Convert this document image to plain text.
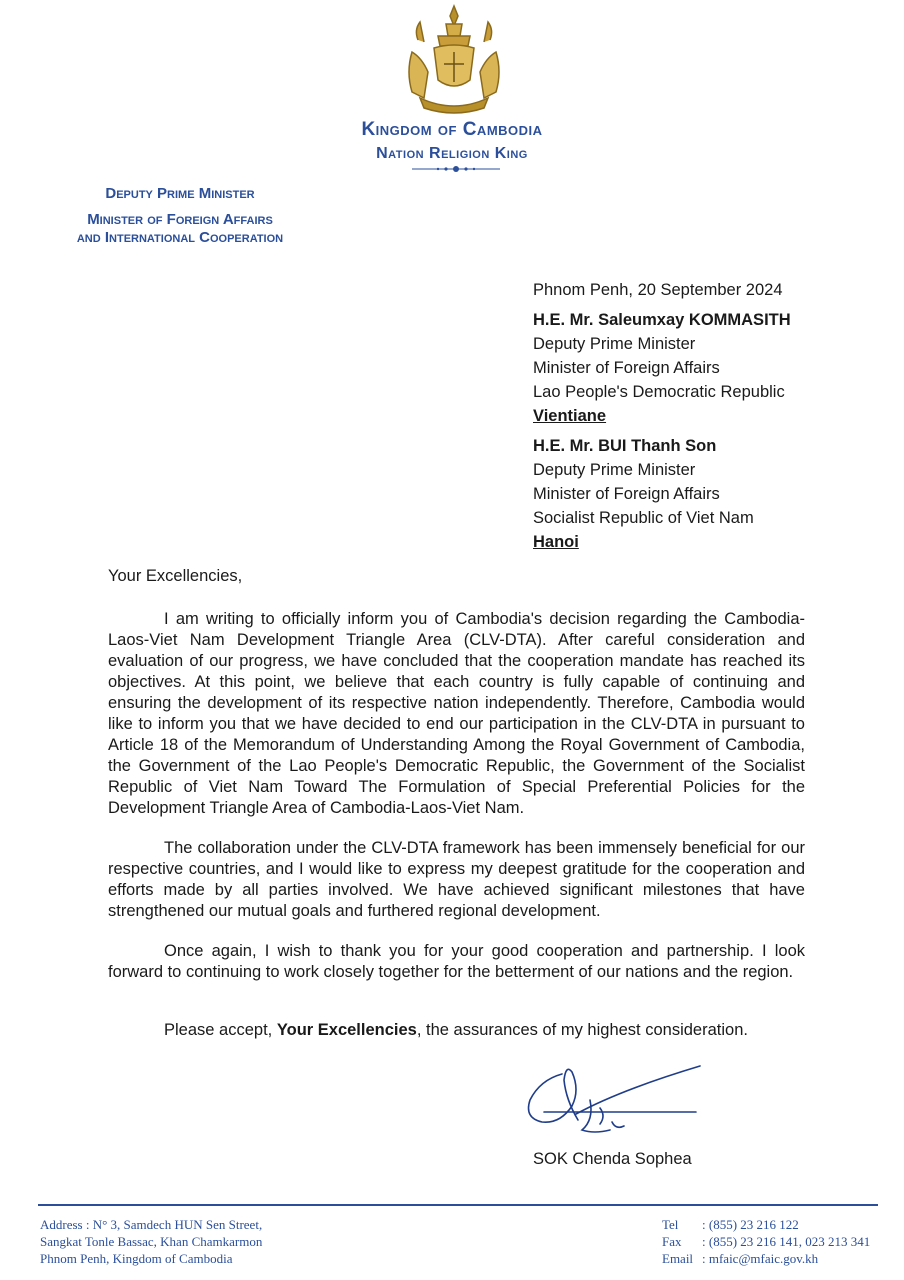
Kingdom of Cambodia
Nation Religion King
Deputy Prime Minister
Minister of Foreign Affairs
and International Cooperation
Phnom Penh, 20 September 2024
H.E. Mr. Saleumxay KOMMASITH
Deputy Prime Minister
Minister of Foreign Affairs
Lao People's Democratic Republic
Vientiane
H.E. Mr. BUI Thanh Son
Deputy Prime Minister
Minister of Foreign Affairs
Socialist Republic of Viet Nam
Hanoi
Your Excellencies,

I am writing to officially inform you of Cambodia's decision regarding the Cambodia-Laos-Viet Nam Development Triangle Area (CLV-DTA). After careful consideration and evaluation of our progress, we have concluded that the cooperation mandate has reached its objectives. At this point, we believe that each country is fully capable of continuing and ensuring the development of its respective nation independently. Therefore, Cambodia would like to inform you that we have decided to end our participation in the CLV-DTA in pursuant to Article 18 of the Memorandum of Understanding Among the Royal Government of Cambodia, the Government of the Lao People's Democratic Republic, the Government of the Socialist Republic of Viet Nam Toward The Formulation of Special Preferential Policies for the Development Triangle Area of Cambodia-Laos-Viet Nam.

The collaboration under the CLV-DTA framework has been immensely beneficial for our respective countries, and I would like to express my deepest gratitude for the cooperation and efforts made by all parties involved. We have achieved significant milestones that have strengthened our mutual goals and furthered regional development.

Once again, I wish to thank you for your good cooperation and partnership. I look forward to continuing to work closely together for the betterment of our nations and the region.

Please accept, Your Excellencies, the assurances of my highest consideration.

SOK Chenda Sophea
Address : N° 3, Samdech HUN Sen Street,
Sangkat Tonle Bassac, Khan Chamkarmon
Phnom Penh, Kingdom of Cambodia
Tel : (855) 23 216 122
Fax : (855) 23 216 141, 023 213 341
Email : mfaic@mfaic.gov.kh
